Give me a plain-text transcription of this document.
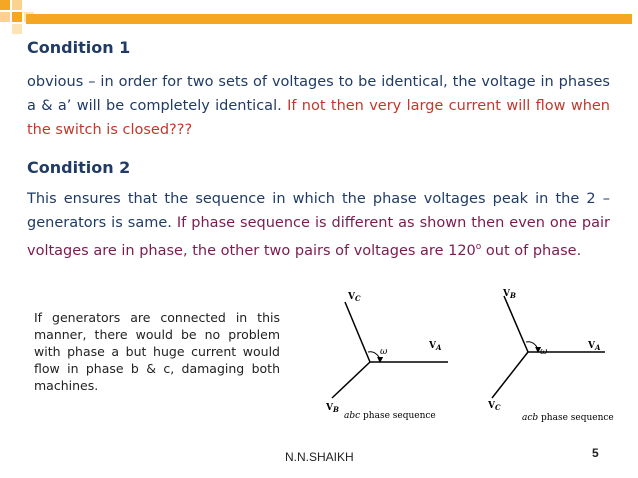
Condition 1

obvious – in order for two sets of voltages to be identical, the voltage in phases a & a’ will be completely identical. If not then very large current will flow when the switch is closed???

Condition 2

This ensures that the sequence in which the phase voltages peak in the 2 – generators is same. If phase sequence is different as shown then even one pair voltages are in phase, the other two pairs of voltages are 120$^o$ out of phase.

If generators are connected in this manner, there would be no problem with phase a but huge current would flow in phase b & c, damaging both machines.

$V_C$
$V_A$
$V_B$
ω
abc phase sequence
$V_B$
$V_A$
$V_C$
ω
acb phase sequence
N.N.SHAIKH	5
